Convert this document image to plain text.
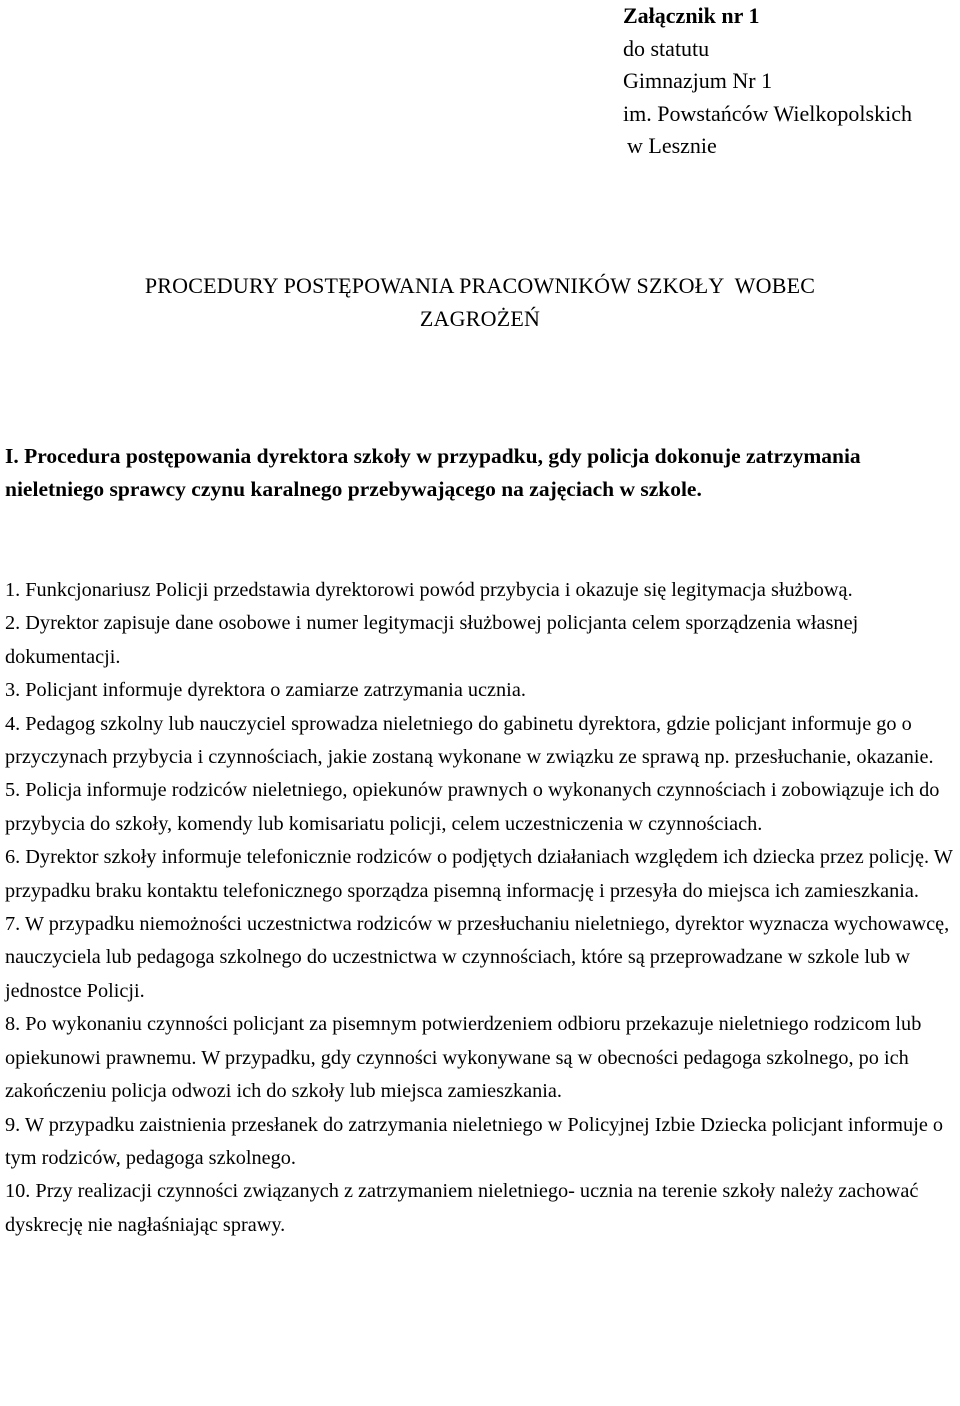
Załącznik nr 1
do statutu
Gimnazjum Nr 1
im. Powstańców Wielkopolskich
w Lesznie
PROCEDURY POSTĘPOWANIA PRACOWNIKÓW SZKOŁY  WOBEC
ZAGROŻEŃ
I. Procedura postępowania dyrektora szkoły w przypadku, gdy policja dokonuje zatrzymania nieletniego sprawcy czynu karalnego przebywającego na zajęciach w szkole.

1. Funkcjonariusz Policji przedstawia dyrektorowi powód przybycia i okazuje się legitymacja służbową.

2. Dyrektor zapisuje dane osobowe i numer legitymacji służbowej policjanta celem sporządzenia własnej dokumentacji.

3. Policjant informuje dyrektora o zamiarze zatrzymania ucznia.

4. Pedagog szkolny lub nauczyciel sprowadza nieletniego do gabinetu dyrektora, gdzie policjant informuje go o przyczynach przybycia i czynnościach, jakie zostaną wykonane w związku ze sprawą np. przesłuchanie, okazanie.

5. Policja informuje rodziców nieletniego, opiekunów prawnych o wykonanych czynnościach i zobowiązuje ich do przybycia do szkoły, komendy lub komisariatu policji, celem uczestniczenia w czynnościach.

6. Dyrektor szkoły informuje telefonicznie rodziców o podjętych działaniach względem ich dziecka przez policję. W przypadku braku kontaktu telefonicznego sporządza pisemną informację i przesyła do miejsca ich zamieszkania.

7. W przypadku niemożności uczestnictwa rodziców w przesłuchaniu nieletniego, dyrektor wyznacza wychowawcę, nauczyciela lub pedagoga szkolnego do uczestnictwa w czynnościach, które są przeprowadzane w szkole lub w jednostce Policji.

8. Po wykonaniu czynności policjant za pisemnym potwierdzeniem odbioru przekazuje nieletniego rodzicom lub opiekunowi prawnemu. W przypadku, gdy czynności wykonywane są w obecności pedagoga szkolnego, po ich zakończeniu policja odwozi ich do szkoły lub miejsca zamieszkania.

9. W przypadku zaistnienia przesłanek do zatrzymania nieletniego w Policyjnej Izbie Dziecka policjant informuje o tym rodziców, pedagoga szkolnego.

10. Przy realizacji czynności związanych z zatrzymaniem nieletniego- ucznia na terenie szkoły należy zachować dyskrecję nie nagłaśniając sprawy.
